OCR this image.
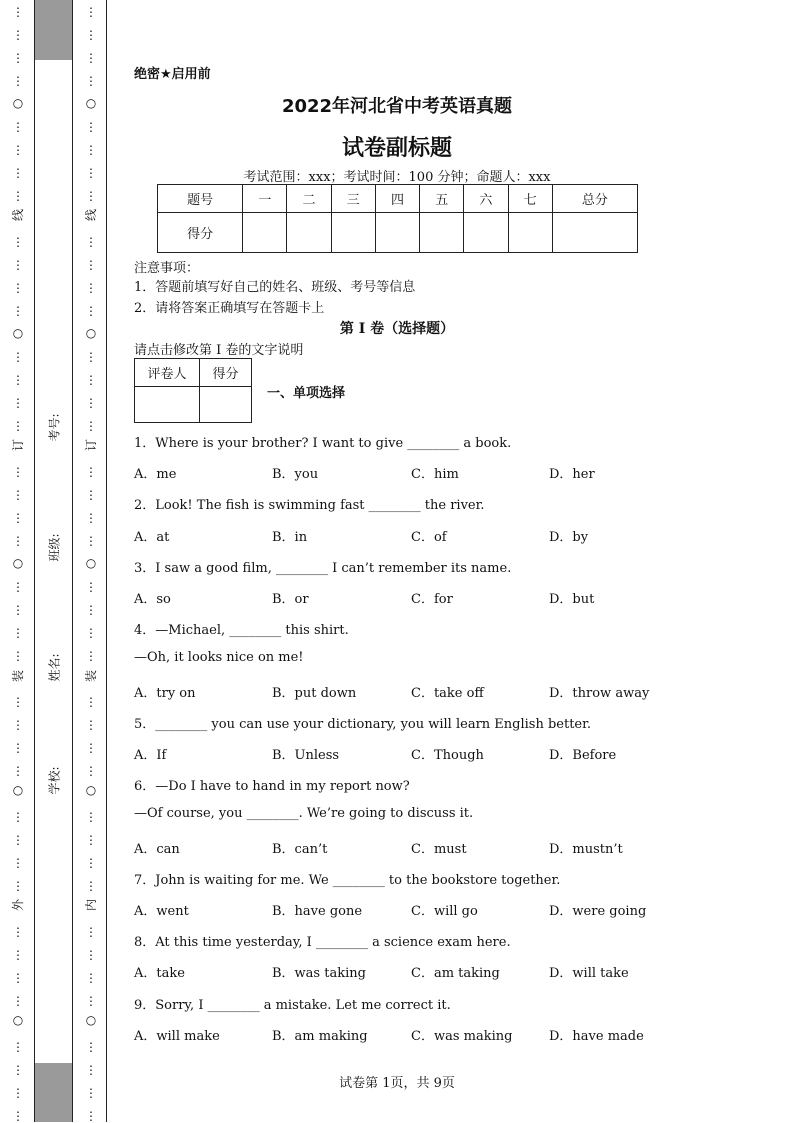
⋮
⋮
⋮
⋮
⋮
⋮
⋮
⋮
⋮
⋮
⋮
⋮
⋮
⋮
⋮
⋮
⋮
⋮
⋮
⋮
⋮
⋮
⋮
⋮
⋮
⋮
⋮
⋮
⋮
⋮
⋮
⋮
⋮
⋮
⋮
⋮
⋮
⋮
⋮
⋮
○
线
○
订
○
装
○
外
○
⋮
⋮
⋮
⋮
⋮
⋮
⋮
⋮
⋮
⋮
⋮
⋮
⋮
⋮
⋮
⋮
⋮
⋮
⋮
⋮
⋮
⋮
⋮
⋮
⋮
⋮
⋮
⋮
⋮
⋮
⋮
⋮
⋮
⋮
⋮
⋮
⋮
⋮
⋮
⋮
○
线
○
订
○
装
○
内
○
考号:
班级:
姓名:
学校:
绝密★启用前
2022年河北省中考英语真题
试卷副标题
考试范围：xxx；考试时间：100 分钟；命题人：xxx
题号	一	二	三	四	五	六	七	总分
得分								
注意事项：
1．答题前填写好自己的姓名、班级、考号等信息
2．请将答案正确填写在答题卡上
第 I 卷（选择题）
请点击修改第 I 卷的文字说明
评卷人	得分

一、单项选择
1．Where is your brother? I want to give ________ a book.
A．me	B．you	C．him	D．her
2．Look! The fish is swimming fast ________ the river.
A．at	B．in	C．of	D．by
3．I saw a good film, ________ I can’t remember its name.
A．so	B．or	C．for	D．but
4．—Michael, ________ this shirt.
—Oh, it looks nice on me!
A．try on	B．put down	C．take off	D．throw away
5．________ you can use your dictionary, you will learn English better.
A．If	B．Unless	C．Though	D．Before
6．—Do I have to hand in my report now?
—Of course, you ________. We’re going to discuss it.
A．can	B．can’t	C．must	D．mustn’t
7．John is waiting for me. We ________ to the bookstore together.
A．went	B．have gone	C．will go	D．were going
8．At this time yesterday, I ________ a science exam here.
A．take	B．was taking	C．am taking	D．will take
9．Sorry, I ________ a mistake. Let me correct it.
A．will make	B．am making	C．was making	D．have made
试卷第 1页，共 9页
